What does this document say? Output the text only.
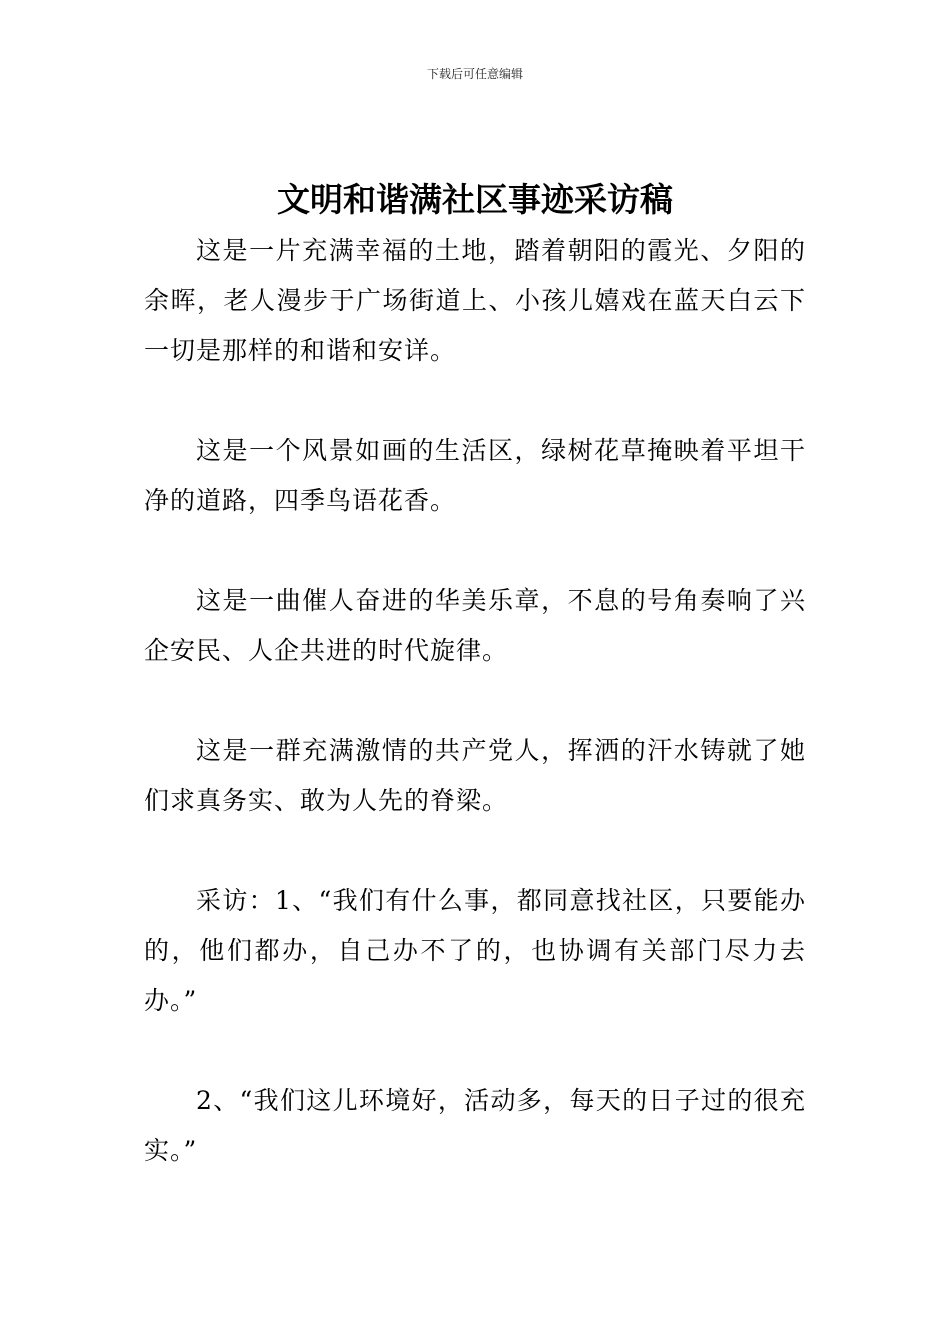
下载后可任意编辑
文明和谐满社区事迹采访稿

这是一片充满幸福的土地，踏着朝阳的霞光、夕阳的余晖，老人漫步于广场街道上、小孩儿嬉戏在蓝天白云下一切是那样的和谐和安详。

这是一个风景如画的生活区，绿树花草掩映着平坦干净的道路，四季鸟语花香。

这是一曲催人奋进的华美乐章，不息的号角奏响了兴企安民、人企共进的时代旋律。

这是一群充满激情的共产党人，挥洒的汗水铸就了她们求真务实、敢为人先的脊梁。

采访：1、“我们有什么事，都同意找社区，只要能办的，他们都办，自己办不了的，也协调有关部门尽力去办。”

2、“我们这儿环境好，活动多，每天的日子过的很充实。”
